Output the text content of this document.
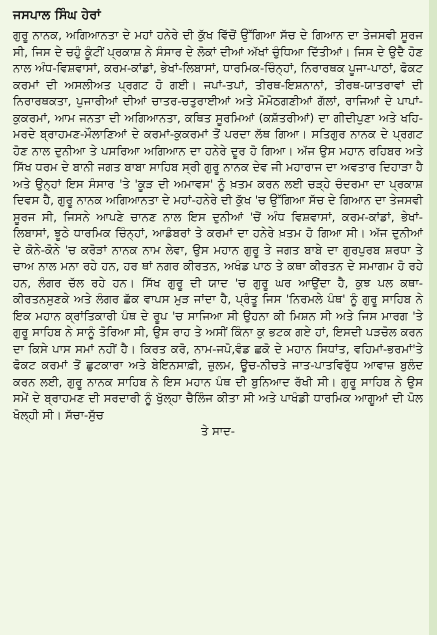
ਜਸਪਾਲ ਸਿੰਘ ਹੇਰਾਂ

ਗੁਰੂ ਨਾਨਕ, ਅਗਿਆਨਤਾ ਦੇ ਮਹਾਂ ਹਨੇਰੇ ਦੀ ਕੁੱਖ ਵਿੱਚੋਂ ਉੱਗਿਆ ਸੱਚ ਦੇ ਗਿਆਨ ਦਾ ਤੇਜਸਵੀ ਸੂਰਜ ਸੀ, ਜਿਸ ਦੇ ਚਹੁੰ ਕੂੰਟੀਂ ਪ੍ਰਕਾਸ਼ ਨੇ ਸੰਸਾਰ ਦੇ ਲੋਕਾਂ ਦੀਆਂ ਅੱਖਾਂ ਚੁੰਧਿਆ ਦਿੱਤੀਆਂ। ਜਿਸ ਦੇ ਉਦੈ ਹੋਣ ਨਾਲ ਅੰਧ-ਵਿਸ਼ਵਾਸਾਂ, ਕਰਮ-ਕਾਂਡਾਂ, ਭੇਖਾਂ-ਲਿਬਾਸਾਂ, ਧਾਰਮਿਕ-ਚਿੰਨ੍ਹਾਂ, ਨਿਰਾਰਥਕ ਪੂਜਾ-ਪਾਠਾਂ, ਫੋਕਟ ਕਰਮਾਂ ਦੀ ਅਸਲੀਅਤ ਪ੍ਰਗਟ ਹੋ ਗਈ। ਜਪਾਂ-ਤਪਾਂ, ਤੀਰਥ-ਇਸ਼ਨਾਨਾਂ, ਤੀਰਥ-ਯਾਤਰਾਵਾਂ ਦੀ ਨਿਰਾਰਥਕਤਾ, ਪੁਜਾਰੀਆਂ ਦੀਆਂ ਚਾਤਰ-ਚਤੁਰਾਈਆਂ ਅਤੇ ਮੋਮੋਠਗਣੀਆਂ ਗੱਲਾਂ, ਰਾਜਿਆਂ ਦੇ ਪਾਪਾਂ-ਕੁਕਰਮਾਂ, ਆਮ ਜਨਤਾ ਦੀ ਅਗਿਆਨਤਾ, ਕਥਿਤ ਸੂਰਮਿਆਂ (ਕਸ਼ੱਤਰੀਆਂ) ਦਾ ਗੀਦੀਪੁਣਾ ਅਤੇ ਖਹਿ-ਮਰਦੇ ਬ੍ਰਾਹਮਣ-ਮੌਲਾਣਿਆਂ ਦੇ ਕਰਮਾਂ-ਕੁਕਰਮਾਂ ਤੋਂ ਪਰਦਾ ਲੱਥ ਗਿਆ। ਸਤਿਗੁਰ ਨਾਨਕ ਦੇ ਪ੍ਰਗਟ ਹੋਣ ਨਾਲ ਦੁਨੀਆ ਤੇ ਪਸਰਿਆ ਅਗਿਆਨ ਦਾ ਹਨੇਰੇ ਦੂਰ ਹੋ ਗਿਆ। ਅੱਜ ਉਸ ਮਹਾਨ ਰਹਿਬਰ ਅਤੇ ਸਿੱਖ ਧਰਮ ਦੇ ਬਾਨੀ ਜਗਤ ਬਾਬਾ ਸਾਹਿਬ ਸ੍ਰੀ ਗੁਰੂ ਨਾਨਕ ਦੇਵ ਜੀ ਮਹਾਰਾਜ ਦਾ ਅਵਤਾਰ ਦਿਹਾੜਾ ਹੈ ਅਤੇ ਉਨ੍ਹਾਂ ਇਸ ਸੰਸਾਰ 'ਤੇ 'ਕੂੜ ਦੀ ਅਮਾਵਸ' ਨੂੰ ਖ਼ਤਮ ਕਰਨ ਲਈ ਚੜ੍ਹੇ ਚੰਦਰਮਾ ਦਾ ਪ੍ਰਕਾਸ਼ ਦਿਵਸ ਹੈ, ਗੁਰੂ ਨਾਨਕ ਅਗਿਆਨਤਾ ਦੇ ਮਹਾਂ-ਹਨੇਰੇ ਦੀ ਕੁੱਖ 'ਚ ਉੱਗਿਆ ਸੱਚ ਦੇ ਗਿਆਨ ਦਾ ਤੇਜਸਵੀ ਸੂਰਜ ਸੀ, ਜਿਸਨੇ ਆਪਣੇ ਚਾਨਣ ਨਾਲ ਇਸ ਦੁਨੀਆਂ 'ਚੋਂ ਅੰਧ ਵਿਸ਼ਵਾਸਾਂ, ਕਰਮ-ਕਾਂਡਾਂ, ਭੇਖਾਂ-ਲਿਬਾਸਾਂ, ਝੂਠੇ ਧਾਰਮਿਕ ਚਿੰਨ੍ਹਾਂ, ਆਡੰਬਰਾਂ ਤੇ ਕਰਮਾਂ ਦਾ ਹਨੇਰੇ ਖ਼ਤਮ ਹੋ ਗਿਆ ਸੀ। ਅੱਜ ਦੁਨੀਆਂ ਦੇ ਕੋਨੇ-ਕੋਨੇ 'ਚ ਕਰੋੜਾਂ ਨਾਨਕ ਨਾਮ ਲੇਵਾ, ਉਸ ਮਹਾਨ ਗੁਰੂ ਤੇ ਜਗਤ ਬਾਬੇ ਦਾ ਗੁਰਪੁਰਬ ਸ਼ਰਧਾ ਤੇ ਚਾਅ ਨਾਲ ਮਨਾ ਰਹੇ ਹਨ, ਹਰ ਥਾਂ ਨਗਰ ਕੀਰਤਨ, ਅਖੰਡ ਪਾਠ ਤੇ ਕਥਾ ਕੀਰਤਨ ਦੇ ਸਮਾਗਮ ਹੋ ਰਹੇ ਹਨ, ਲੰਗਰ ਚੱਲ ਰਹੇ ਹਨ। ਸਿੱਖ ਗੁਰੂ ਦੀ ਯਾਦ 'ਚ ਗੁਰੂ ਘਰ ਆਉਂਦਾ ਹੈ, ਕੁਝ ਪਲ ਕਥਾ-ਕੀਰਤਨਸੁਣਕੇ ਅਤੇ ਲੰਗਰ ਛੱਕ ਵਾਪਸ ਮੁੜ ਜਾਂਦਾ ਹੈ, ਪ੍ਰੰਤੂ ਜਿਸ 'ਨਿਰਮਲੇ ਪੰਥ' ਨੂੰ ਗੁਰੂ ਸਾਹਿਬ ਨੇ ਇਕ ਮਹਾਨ ਕ੍ਰਾਂਤਿਕਾਰੀ ਪੰਥ ਦੇ ਰੂਪ 'ਚ ਸਾਜਿਆ ਸੀ ਉਹਨਾ ਕੀ ਮਿਸ਼ਨ ਸੀ ਅਤੇ ਜਿਸ ਮਾਰਗ 'ਤੇ ਗੁਰੂ ਸਾਹਿਬ ਨੇ ਸਾਨੂੰ ਤੋਰਿਆ ਸੀ, ਉਸ ਰਾਹ ਤੇ ਅਸੀਂ ਕਿੰਨਾ ਕੁ ਭਟਕ ਗਏ ਹਾਂ, ਇਸਦੀ ਪੜਚੋਲ ਕਰਨ ਦਾ ਕਿਸੇ ਪਾਸ ਸਮਾਂ ਨਹੀਂ ਹੈ। ਕਿਰਤ ਕਰੋ, ਨਾਮ-ਜਪੋ,ਵੰਡ ਛਕੋ ਦੇ ਮਹਾਨ ਸਿਧਾਂਤ, ਵਹਿਮਾਂ-ਭਰਮਾਂ'ਤੇ ਫੋਕਟ ਕਰਮਾਂ ਤੋਂ ਛੁਟਕਾਰਾ ਅਤੇ ਬੇਇਨਸਾਫ਼ੀ, ਜ਼ੁਲਮ, ਊਚ-ਨੀਚਤੇ ਜਾਤ-ਪਾਤਵਿਰੁੱਧ ਆਵਾਜ਼ ਬੁਲੰਦ ਕਰਨ ਲਈ, ਗੁਰੂ ਨਾਨਕ ਸਾਹਿਬ ਨੇ ਇਸ ਮਹਾਨ ਪੰਥ ਦੀ ਬੁਨਿਆਦ ਰੱਖੀ ਸੀ। ਗੁਰੂ ਸਾਹਿਬ ਨੇ ਉਸ ਸਮੇਂ ਦੇ ਬ੍ਰਾਹਮਣ ਦੀ ਸਰਦਾਰੀ ਨੂੰ ਖੁੱਲ੍ਹਾ ਚੈਲਿੰਜ ਕੀਤਾ ਸੀ ਅਤੇ ਪਾਖੰਡੀ ਧਾਰਮਿਕ ਆਗੂਆਂ ਦੀ ਪੋਲ ਖੋਲ੍ਹੀ ਸੀ। ਸੱਚਾ-ਸੁੱਚ

ਤੇ ਸਾਦ-
